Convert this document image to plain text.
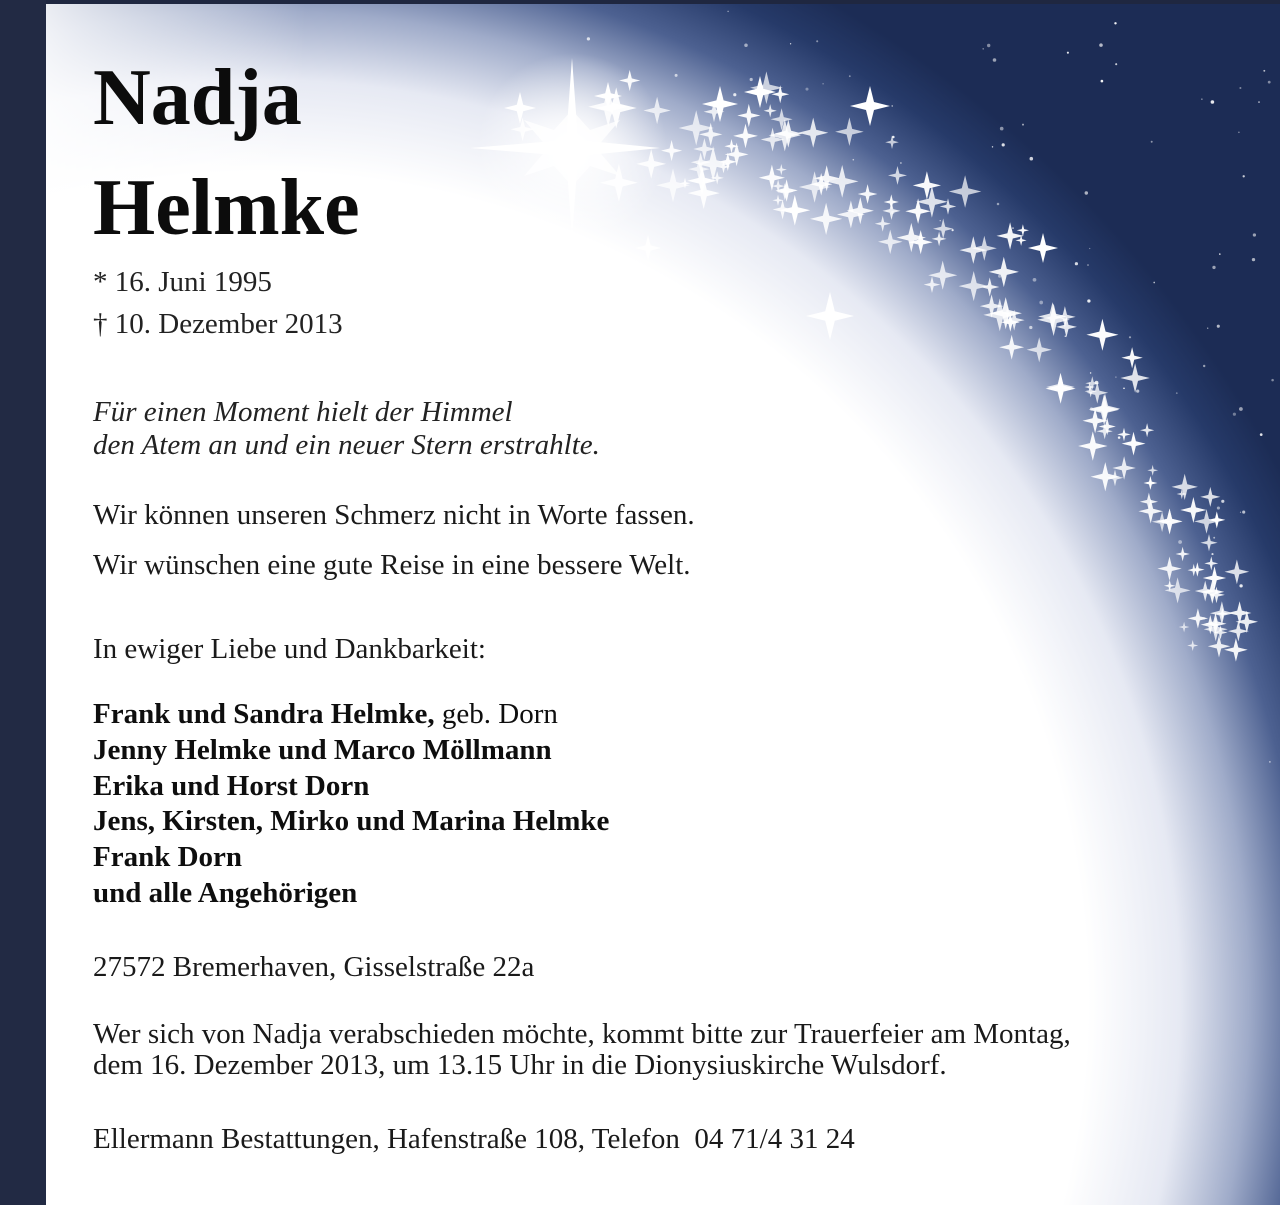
Nadja
Helmke
* 16. Juni 1995
† 10. Dezember 2013
Für einen Moment hielt der Himmel
den Atem an und ein neuer Stern erstrahlte.
Wir können unseren Schmerz nicht in Worte fassen.
Wir wünschen eine gute Reise in eine bessere Welt.
In ewiger Liebe und Dankbarkeit:
Frank und Sandra Helmke, geb. Dorn
Jenny Helmke und Marco Möllmann
Erika und Horst Dorn
Jens, Kirsten, Mirko und Marina Helmke
Frank Dorn
und alle Angehörigen
27572 Bremerhaven, Gisselstraße 22a
Wer sich von Nadja verabschieden möchte, kommt bitte zur Trauerfeier am Montag,
dem 16. Dezember 2013, um 13.15 Uhr in die Dionysiuskirche Wulsdorf.
Ellermann Bestattungen, Hafenstraße 108, Telefon  04 71/4 31 24
